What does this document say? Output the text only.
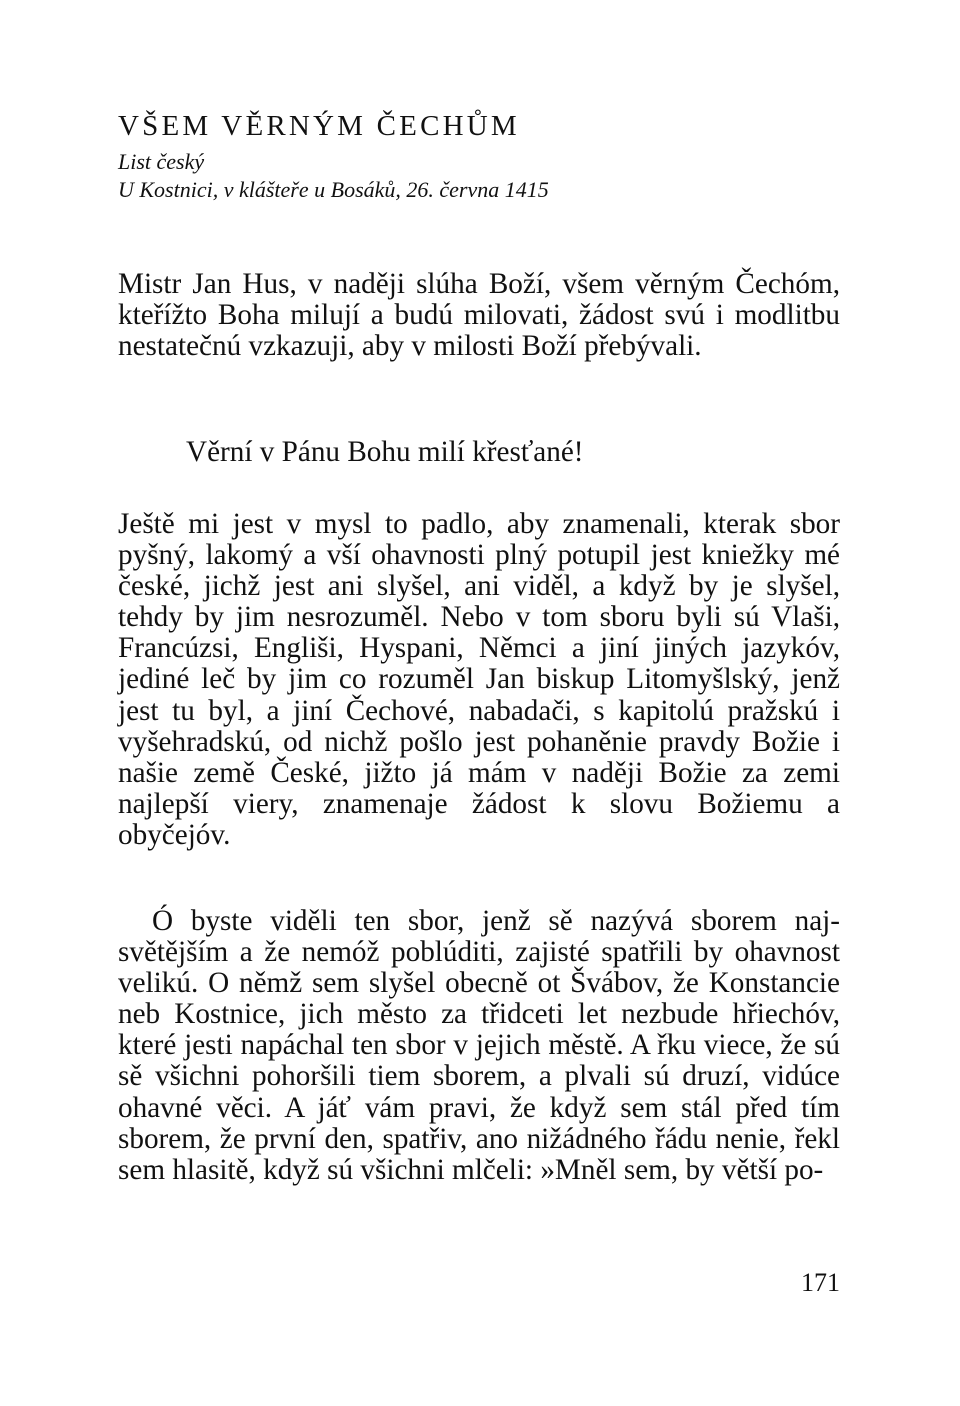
VŠEM VĚRNÝM ČECHŮM
List český
U Kostnici, v klášteře u Bosáků, 26. června 1415

Mistr Jan Hus, v naději slúha Boží, všem věrným Čechóm, kteřížto Boha milují a budú milovati, žádost svú i modlitbu nestatečnú vzkazuji, aby v milosti Boží přebývali.

Věrní v Pánu Bohu milí křesťané!

Ještě mi jest v mysl to padlo, aby znamenali, kterak sbor pyšný, lakomý a vší ohavnosti plný potupil jest kniežky mé české, jichž jest ani slyšel, ani viděl, a když by je slyšel, tehdy by jim nesrozuměl. Nebo v tom sboru byli sú Vlaši, Francúzsi, Engliši, Hyspani, Němci a jiní jiných jazykóv, jediné leč by jim co rozuměl Jan biskup Litomyšlský, jenž jest tu byl, a jiní Čechové, nabadači, s kapitolú pražskú i vyšehradskú, od nichž pošlo jest pohaněnie pravdy Božie i našie země České, jižto já mám v naději Božie za zemi najlepší viery, znamenaje žádost k slovu Božiemu a obyčejóv.

Ó byste viděli ten sbor, jenž sě nazývá sborem najsvětějším a že nemóž poblúditi, zajisté spatřili by ohavnost velikú. O němž sem slyšel obecně ot Švábov, že Konstancie neb Kostnice, jich město za třidceti let nezbude hřiechóv, které jesti napáchal ten sbor v jejich městě. A řku viece, že sú sě všichni pohoršili tiem sborem, a plvali sú druzí, vidúce ohavné věci. A jáť vám pravi, že když sem stál před tím sborem, že první den, spatřiv, ano nižádného řádu nenie, řekl sem hlasitě, když sú všichni mlčeli: »Mněl sem, by větší po-

171
